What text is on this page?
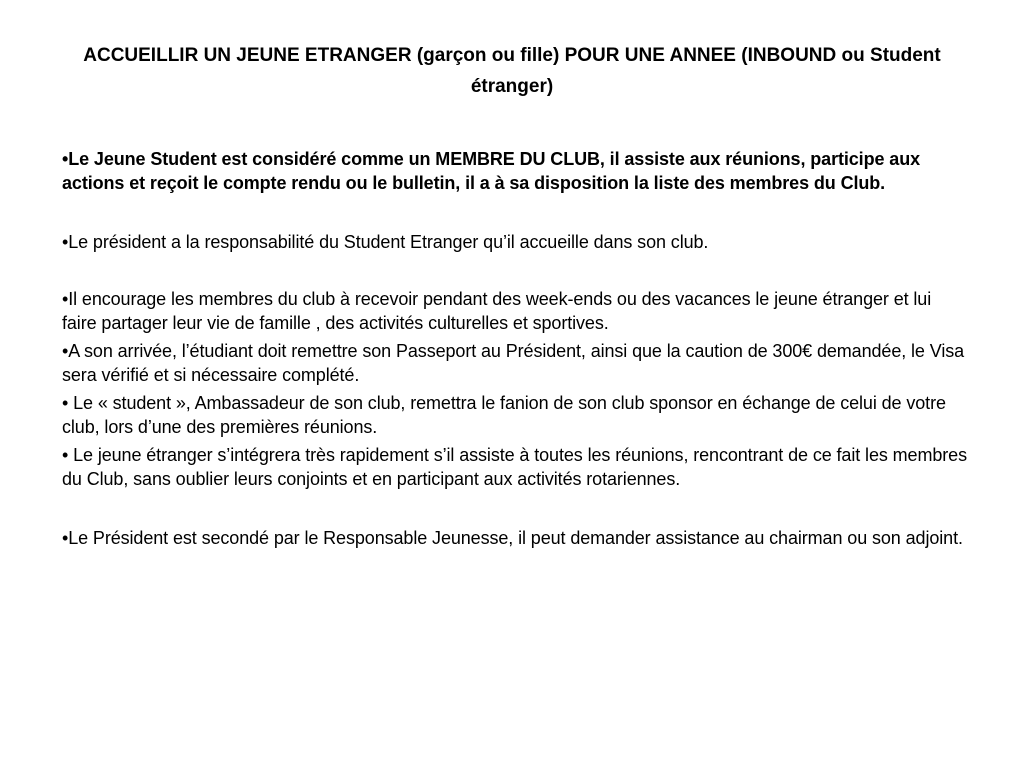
ACCUEILLIR UN JEUNE ETRANGER (garçon ou fille) POUR UNE ANNEE (INBOUND ou Student étranger)

•Le Jeune Student est considéré comme un MEMBRE DU CLUB, il assiste aux réunions, participe aux actions et reçoit le compte rendu ou le bulletin, il a à sa disposition la liste des membres du Club.

•Le président a la responsabilité du Student Etranger qu’il accueille dans son club.

•Il encourage les membres du club à recevoir pendant des week-ends ou des vacances le jeune étranger et lui faire partager leur vie de famille , des activités culturelles et sportives.

•A son arrivée, l’étudiant doit remettre son Passeport au Président, ainsi que la caution de 300€ demandée, le Visa sera vérifié et si nécessaire complété.

• Le « student », Ambassadeur de son club, remettra le fanion de son club sponsor en échange de celui de votre club, lors d’une des premières réunions.

• Le jeune étranger s’intégrera très rapidement s’il assiste à toutes les réunions, rencontrant de ce fait les membres du Club, sans oublier leurs conjoints et en participant aux activités rotariennes.

•Le Président est secondé par le Responsable Jeunesse, il peut demander assistance au chairman ou son adjoint.
